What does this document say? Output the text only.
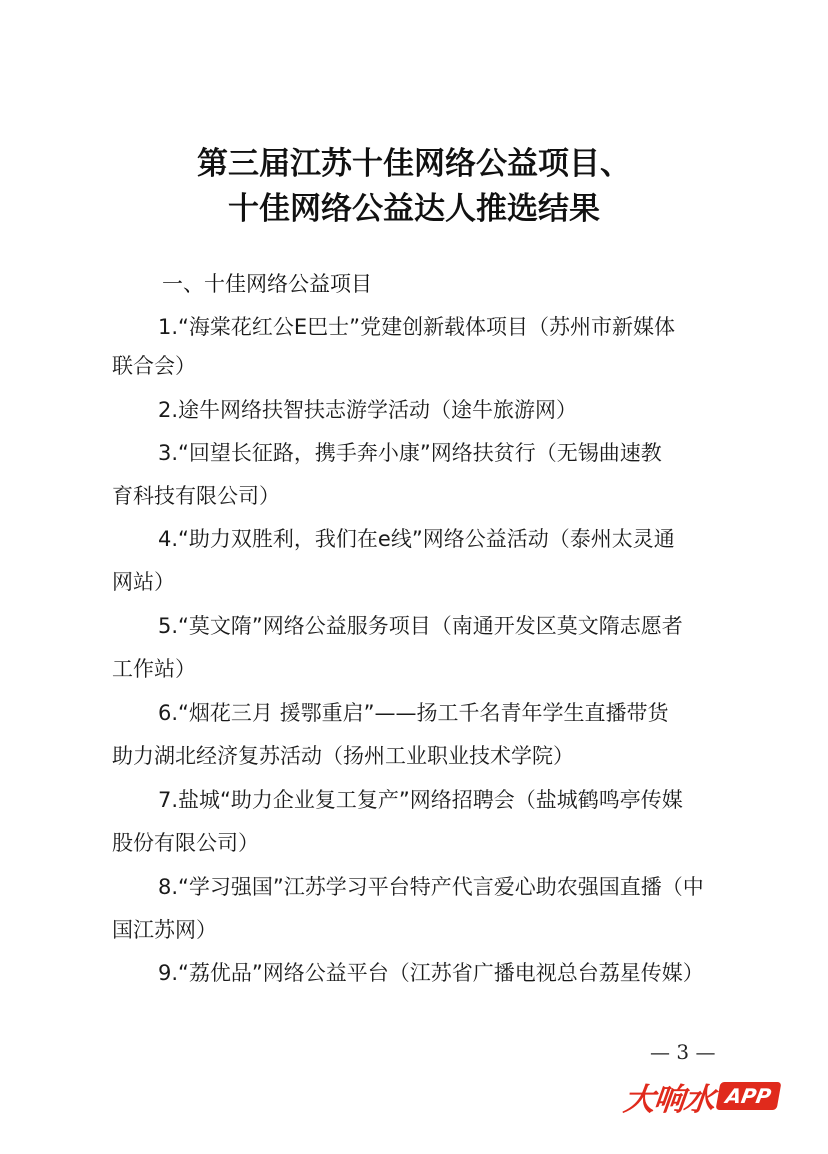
第三届江苏十佳网络公益项目、
十佳网络公益达人推选结果
一、十佳网络公益项目
1.“海棠花红公E巴士”党建创新载体项目（苏州市新媒体
联合会）
2.途牛网络扶智扶志游学活动（途牛旅游网）
3.“回望长征路，携手奔小康”网络扶贫行（无锡曲速教
育科技有限公司）
4.“助力双胜利，我们在e线”网络公益活动（泰州太灵通
网站）
5.“莫文隋”网络公益服务项目（南通开发区莫文隋志愿者
工作站）
6.“烟花三月 援鄂重启”——扬工千名青年学生直播带货
助力湖北经济复苏活动（扬州工业职业技术学院）
7.盐城“助力企业复工复产”网络招聘会（盐城鹤鸣亭传媒
股份有限公司）
8.“学习强国”江苏学习平台特产代言爱心助农强国直播（中
国江苏网）
9.“荔优品”网络公益平台（江苏省广播电视总台荔星传媒）
— 3 —
大响水 APP
